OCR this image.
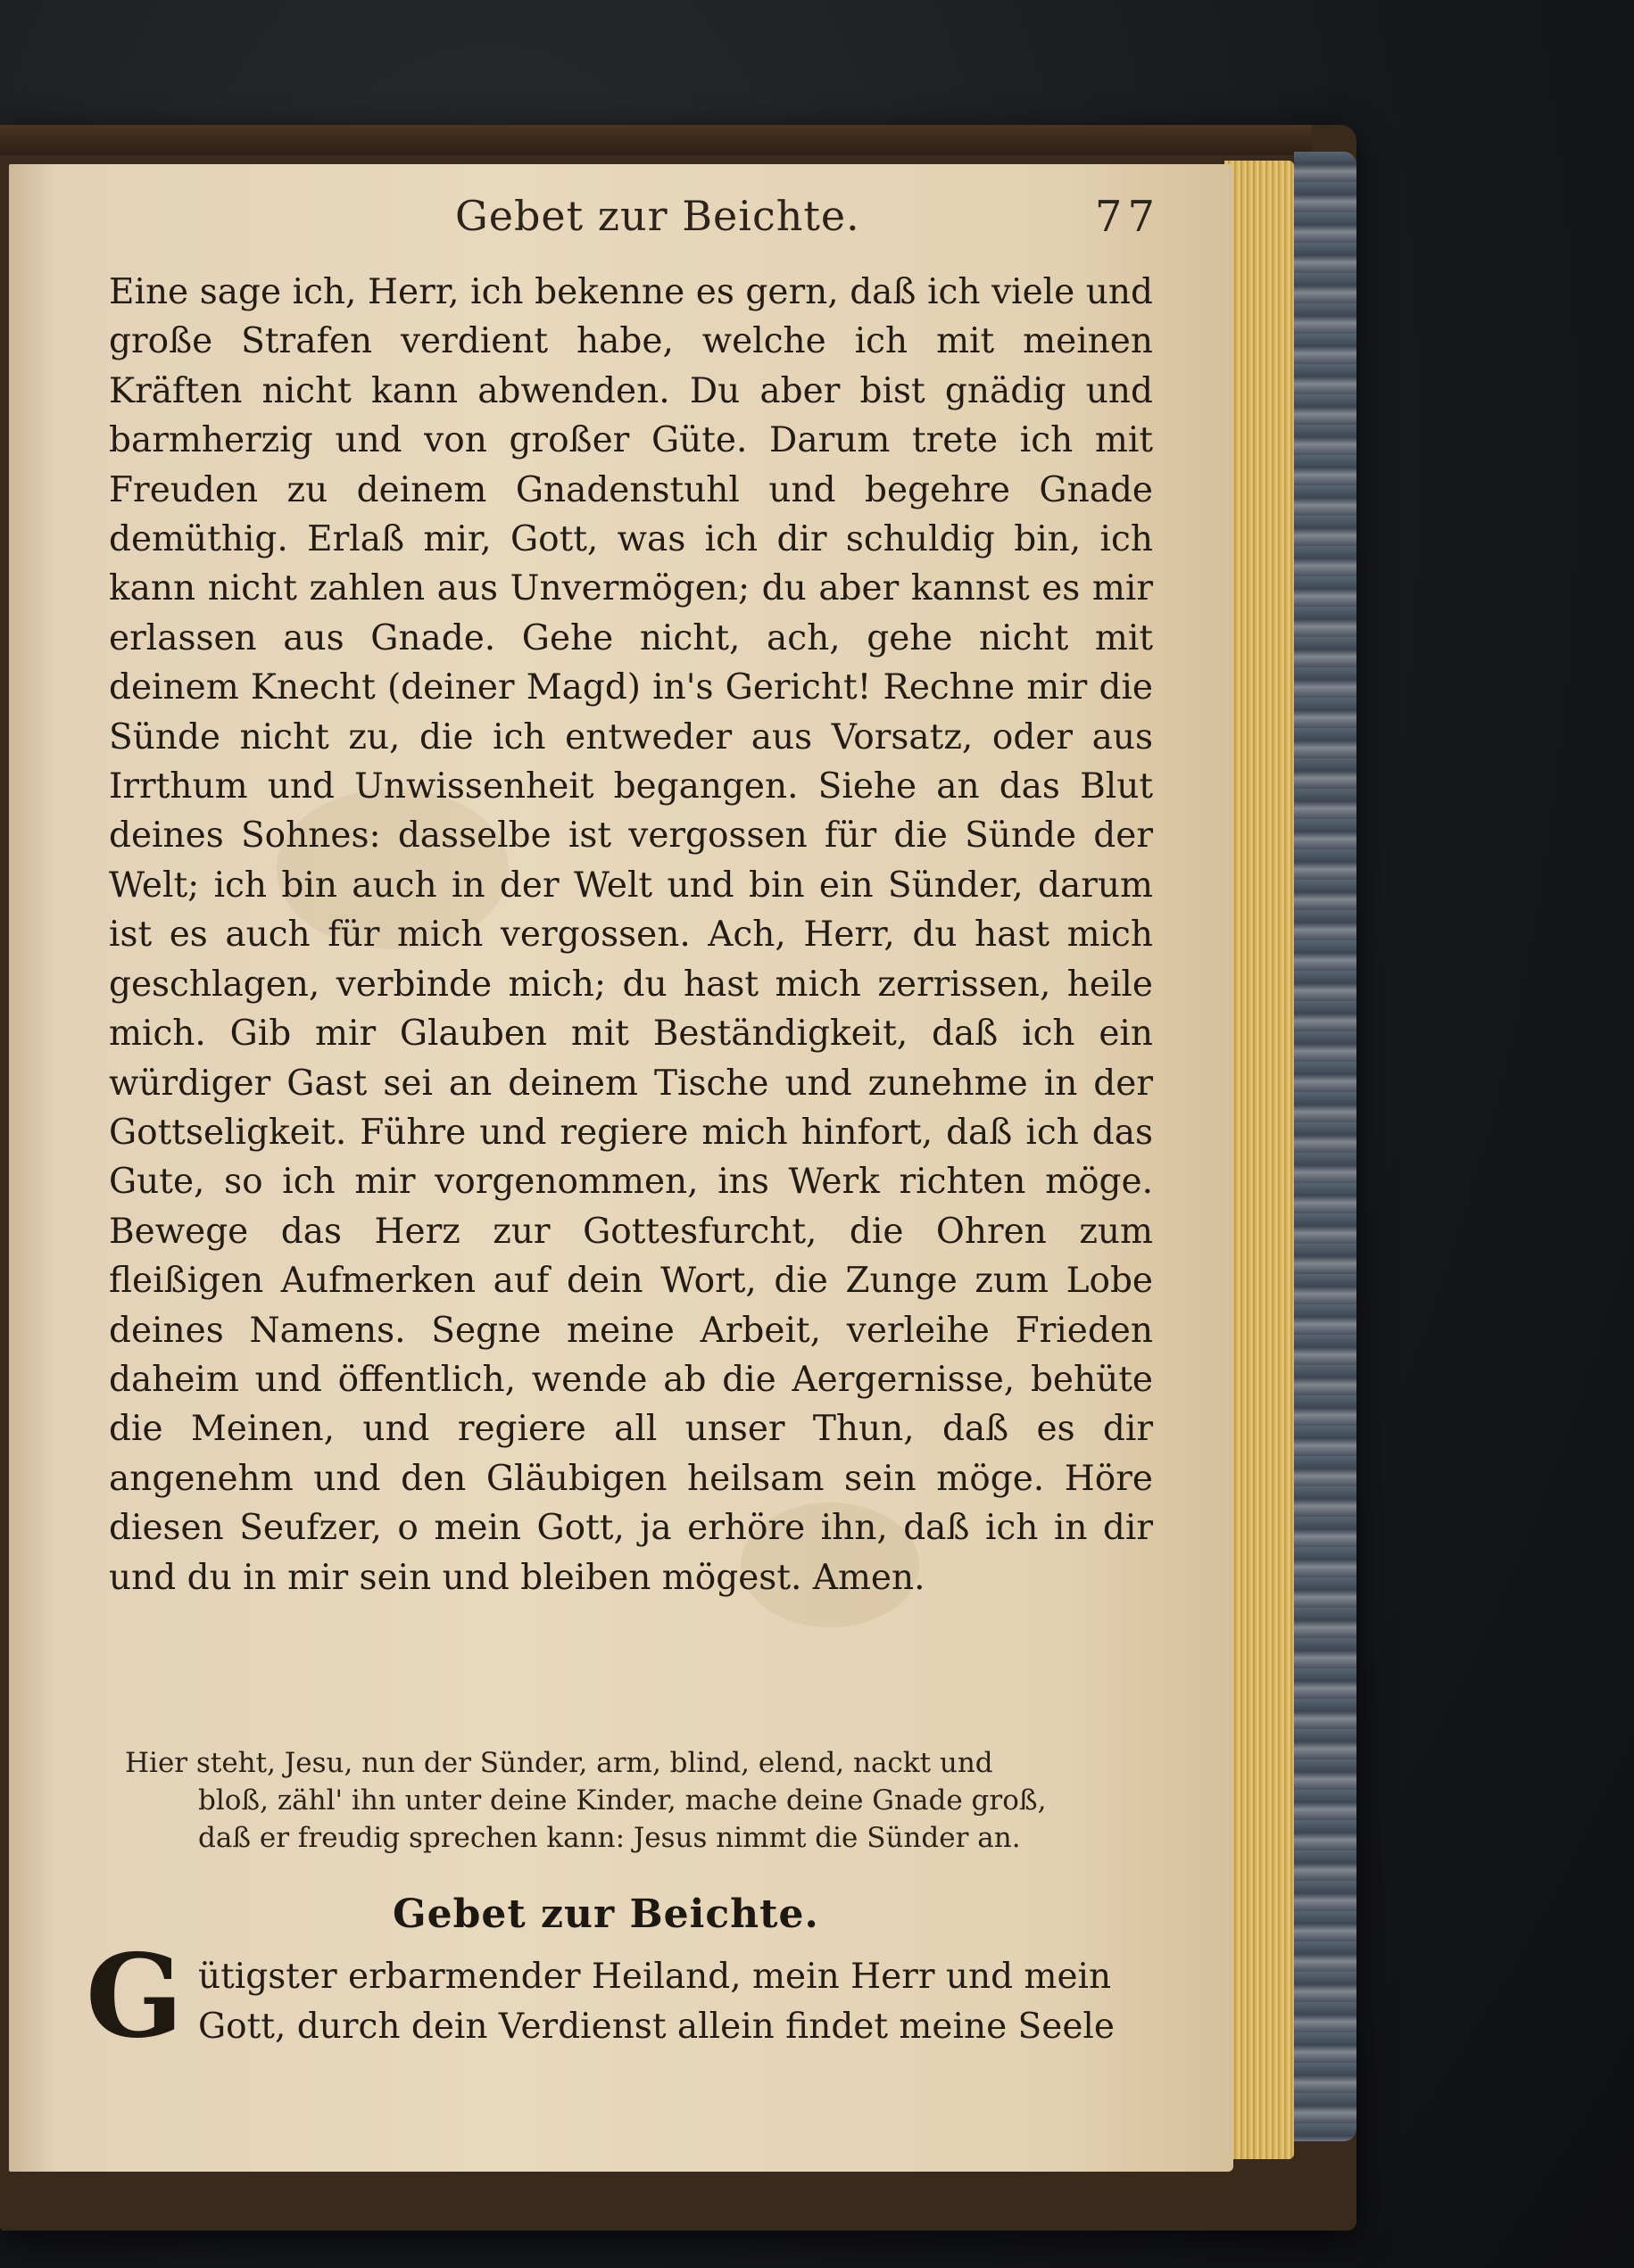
Gebet zur Beichte.	77
Eine sage ich, Herr, ich bekenne es gern, daß ich viele und große Strafen verdient habe, welche ich mit meinen Kräften nicht kann abwenden. Du aber bist gnädig und barmherzig und von großer Güte. Darum trete ich mit Freuden zu deinem Gnadenstuhl und begehre Gnade demüthig. Erlaß mir, Gott, was ich dir schuldig bin, ich kann nicht zahlen aus Unvermögen; du aber kannst es mir erlassen aus Gnade. Gehe nicht, ach, gehe nicht mit deinem Knecht (deiner Magd) in's Gericht! Rechne mir die Sünde nicht zu, die ich entweder aus Vorsatz, oder aus Irrthum und Unwissenheit begangen. Siehe an das Blut deines Sohnes: dasselbe ist vergossen für die Sünde der Welt; ich bin auch in der Welt und bin ein Sünder, darum ist es auch für mich vergossen. Ach, Herr, du hast mich geschlagen, verbinde mich; du hast mich zerrissen, heile mich. Gib mir Glauben mit Beständigkeit, daß ich ein würdiger Gast sei an deinem Tische und zunehme in der Gottseligkeit. Führe und regiere mich hinfort, daß ich das Gute, so ich mir vorgenommen, ins Werk richten möge. Bewege das Herz zur Gottesfurcht, die Ohren zum fleißigen Aufmerken auf dein Wort, die Zunge zum Lobe deines Namens. Segne meine Arbeit, verleihe Frieden daheim und öffentlich, wende ab die Aergernisse, behüte die Meinen, und regiere all unser Thun, daß es dir angenehm und den Gläubigen heilsam sein möge. Höre diesen Seufzer, o mein Gott, ja erhöre ihn, daß ich in dir und du in mir sein und bleiben mögest. Amen.
Hier steht, Jesu, nun der Sünder, arm, blind, elend, nackt und
bloß, zähl' ihn unter deine Kinder, mache deine Gnade groß,
daß er freudig sprechen kann: Jesus nimmt die Sünder an.
Gebet zur Beichte.
G ütigster erbarmender Heiland, mein Herr und mein
Gott, durch dein Verdienst allein findet meine Seele
